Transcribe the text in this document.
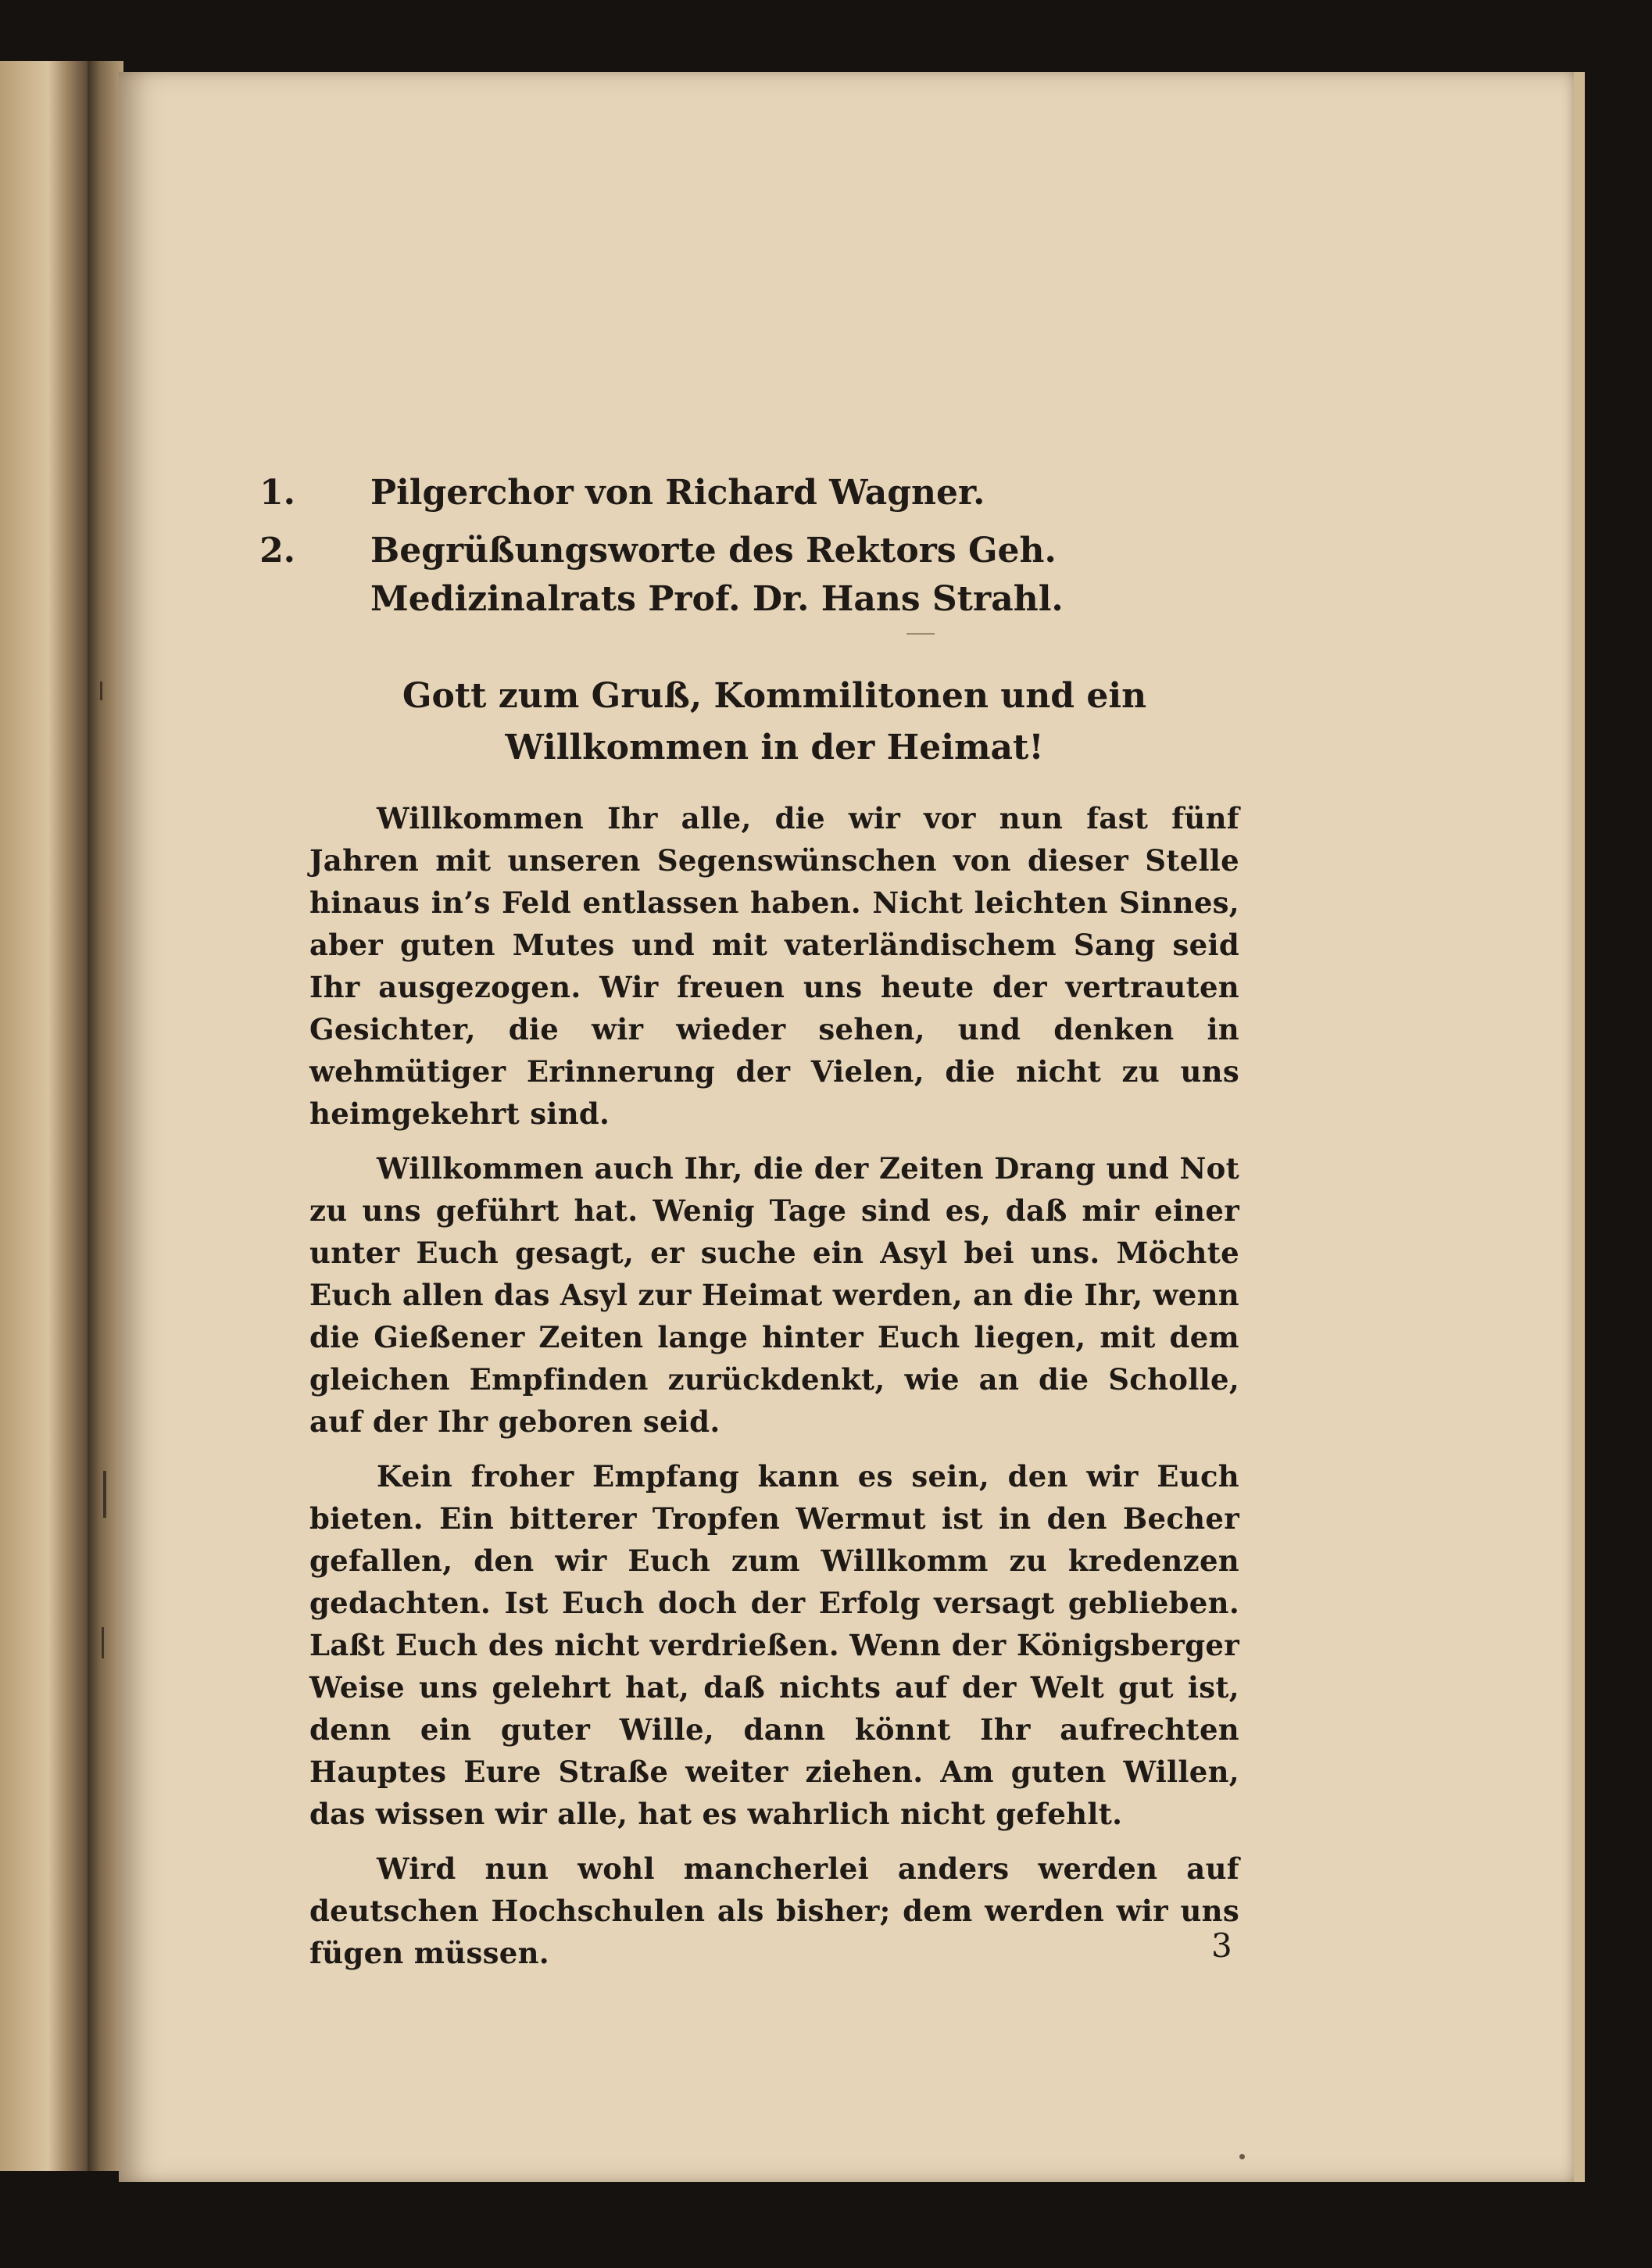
1. Pilgerchor von Richard Wagner.
2. Begrüßungsworte des Rektors Geh. Medizinalrats Prof. Dr. Hans Strahl.
Gott zum Gruß, Kommilitonen und ein Willkommen in der Heimat!

Willkommen Ihr alle, die wir vor nun fast fünf Jahren mit unseren Segenswünschen von dieser Stelle hinaus in’s Feld entlassen haben. Nicht leichten Sinnes, aber guten Mutes und mit vaterländischem Sang seid Ihr ausgezogen. Wir freuen uns heute der vertrauten Gesichter, die wir wieder sehen, und denken in wehmütiger Erinnerung der Vielen, die nicht zu uns heimgekehrt sind.

Willkommen auch Ihr, die der Zeiten Drang und Not zu uns geführt hat. Wenig Tage sind es, daß mir einer unter Euch gesagt, er suche ein Asyl bei uns. Möchte Euch allen das Asyl zur Heimat werden, an die Ihr, wenn die Gießener Zeiten lange hinter Euch liegen, mit dem gleichen Empfinden zurückdenkt, wie an die Scholle, auf der Ihr geboren seid.

Kein froher Empfang kann es sein, den wir Euch bieten. Ein bitterer Tropfen Wermut ist in den Becher gefallen, den wir Euch zum Willkomm zu kredenzen gedachten. Ist Euch doch der Erfolg versagt geblieben. Laßt Euch des nicht verdrießen. Wenn der Königsberger Weise uns gelehrt hat, daß nichts auf der Welt gut ist, denn ein guter Wille, dann könnt Ihr aufrechten Hauptes Eure Straße weiter ziehen. Am guten Willen, das wissen wir alle, hat es wahrlich nicht gefehlt.

Wird nun wohl mancherlei anders werden auf deutschen Hochschulen als bisher; dem werden wir uns fügen müssen.	3
